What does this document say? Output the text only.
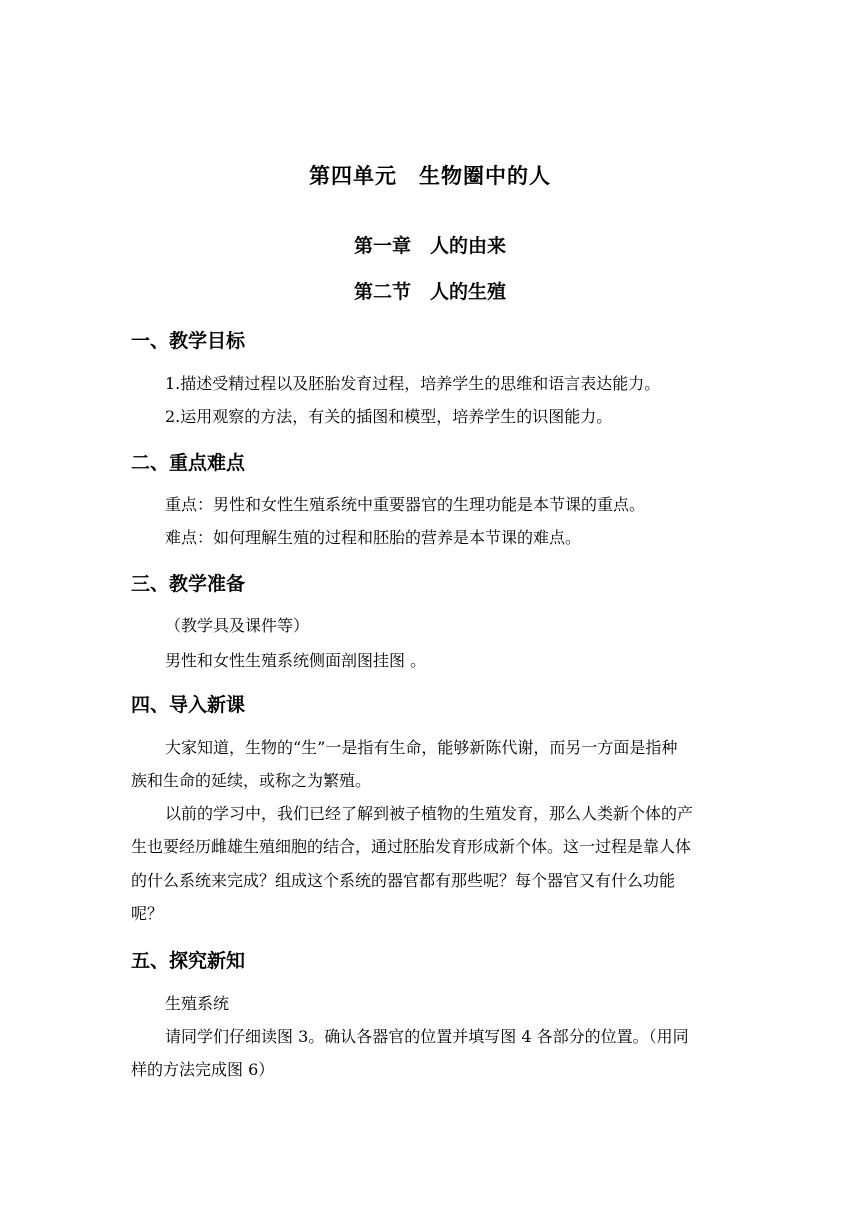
第四单元　生物圈中的人
第一章　人的由来
第二节　人的生殖
一、教学目标
1.描述受精过程以及胚胎发育过程，培养学生的思维和语言表达能力。
2.运用观察的方法，有关的插图和模型，培养学生的识图能力。
二、重点难点
重点：男性和女性生殖系统中重要器官的生理功能是本节课的重点。
难点：如何理解生殖的过程和胚胎的营养是本节课的难点。
三、教学准备
（教学具及课件等）
男性和女性生殖系统侧面剖图挂图 。
四、导入新课
大家知道，生物的“生”一是指有生命，能够新陈代谢，而另一方面是指种
族和生命的延续，或称之为繁殖。
以前的学习中，我们已经了解到被子植物的生殖发育，那么人类新个体的产
生也要经历雌雄生殖细胞的结合，通过胚胎发育形成新个体。这一过程是靠人体
的什么系统来完成？组成这个系统的器官都有那些呢？每个器官又有什么功能
呢？
五、探究新知
生殖系统
请同学们仔细读图 3。确认各器官的位置并填写图 4 各部分的位置。（用同
样的方法完成图 6）
